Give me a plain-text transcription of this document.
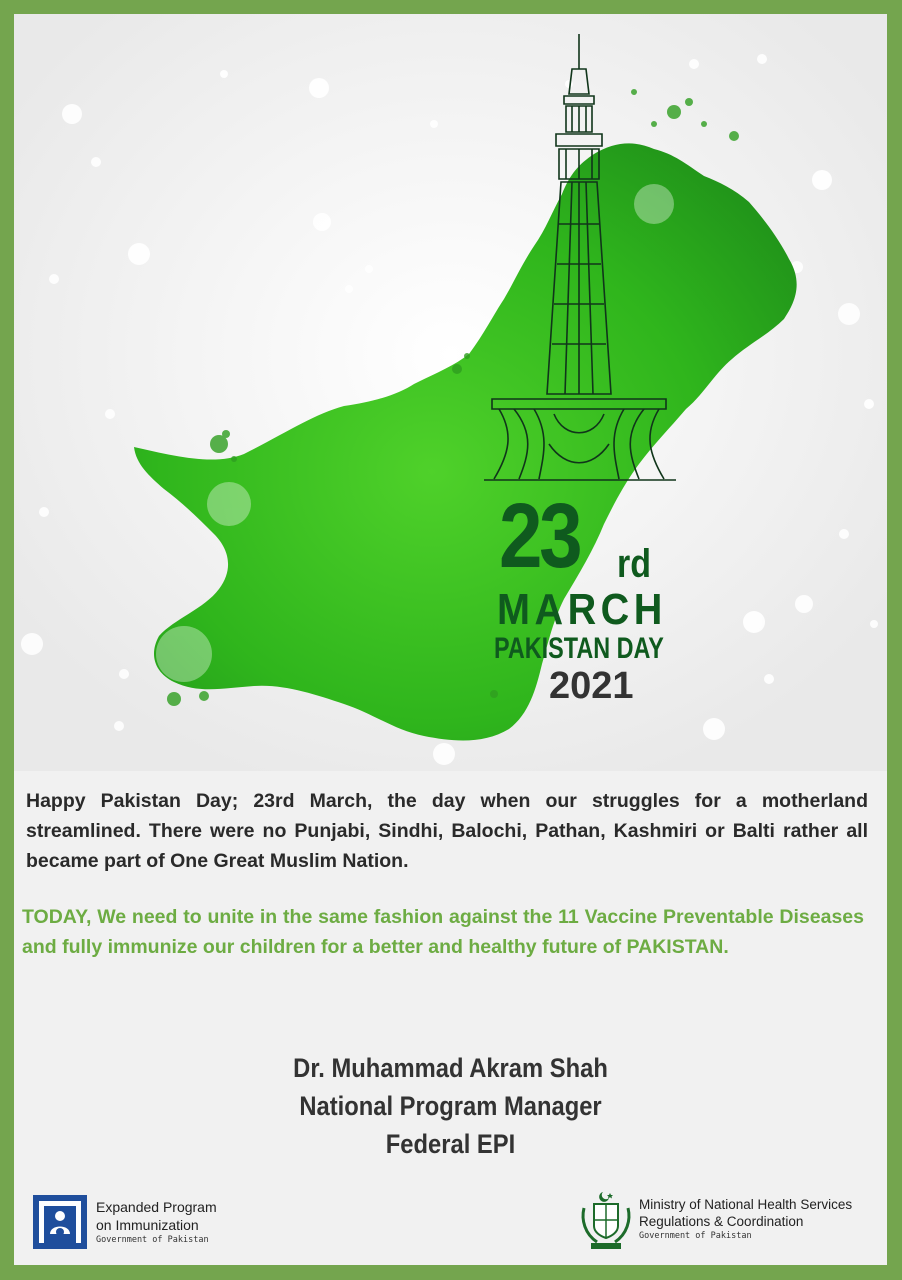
23 rd
MARCH
PAKISTAN DAY
2021

Happy Pakistan Day; 23rd March, the day when our struggles for a motherland streamlined. There were no Punjabi, Sindhi, Balochi, Pathan, Kashmiri or Balti rather all became part of One Great Muslim Nation.

TODAY, We need to unite in the same fashion against the 11 Vaccine Preventable Diseases and fully immunize our children for a better and healthy future of PAKISTAN.

Dr. Muhammad Akram Shah
National Program Manager
Federal EPI
Expanded Program
on Immunization
Government of Pakistan
Ministry of National Health Services
Regulations & Coordination
Government of Pakistan
